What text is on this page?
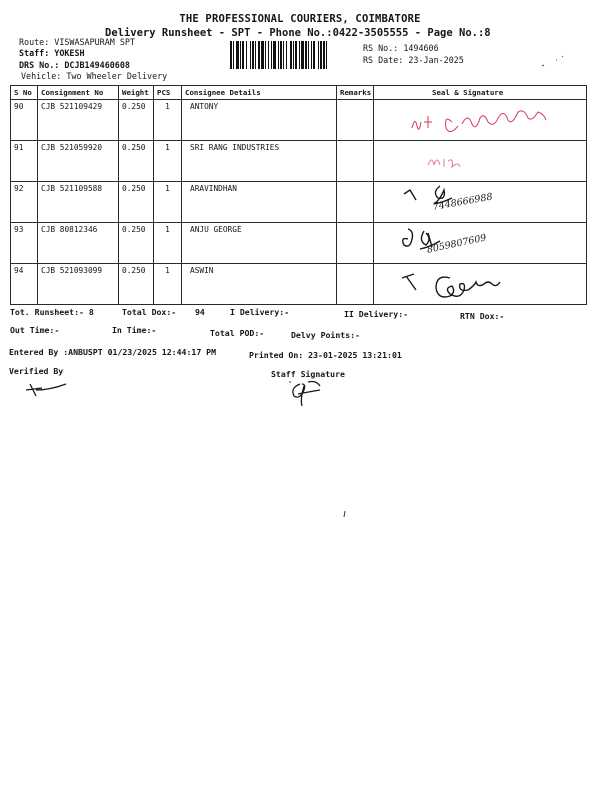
THE PROFESSIONAL COURIERS, COIMBATORE
Delivery Runsheet - SPT - Phone No.:0422-3505555 - Page No.:8
Route: VISWASAPURAM SPT
Staff: YOKESH
DRS No.: DCJB149460608
Vehicle: Two Wheeler Delivery
RS No.: 1494606
RS Date: 23-Jan-2025
S No	Consignment No	Weight	PCS	Consignee Details	Remarks	Seal & Signature
90	CJB 521109429	0.250	1	ANTONY		

91	CJB 521059920	0.250	1	SRI RANG INDUSTRIES		

92	CJB 521109588	0.250	1	ARAVINDHAN		7448666988

93	CJB 80812346	0.250	1	ANJU GEORGE		8059807609

94	CJB 521093099	0.250	1	ASWIN		
Tot. Runsheet:- 8	Total Dox:- 94	I Delivery:-	II Delivery:-	RTN Dox:-
Out Time:-	In Time:-	Total POD:-	Delvy Points:-
Entered By :ANBUSPT 01/23/2025 12:44:17 PM	Printed On: 23-01-2025 13:21:01
Verified By	Staff Signature
